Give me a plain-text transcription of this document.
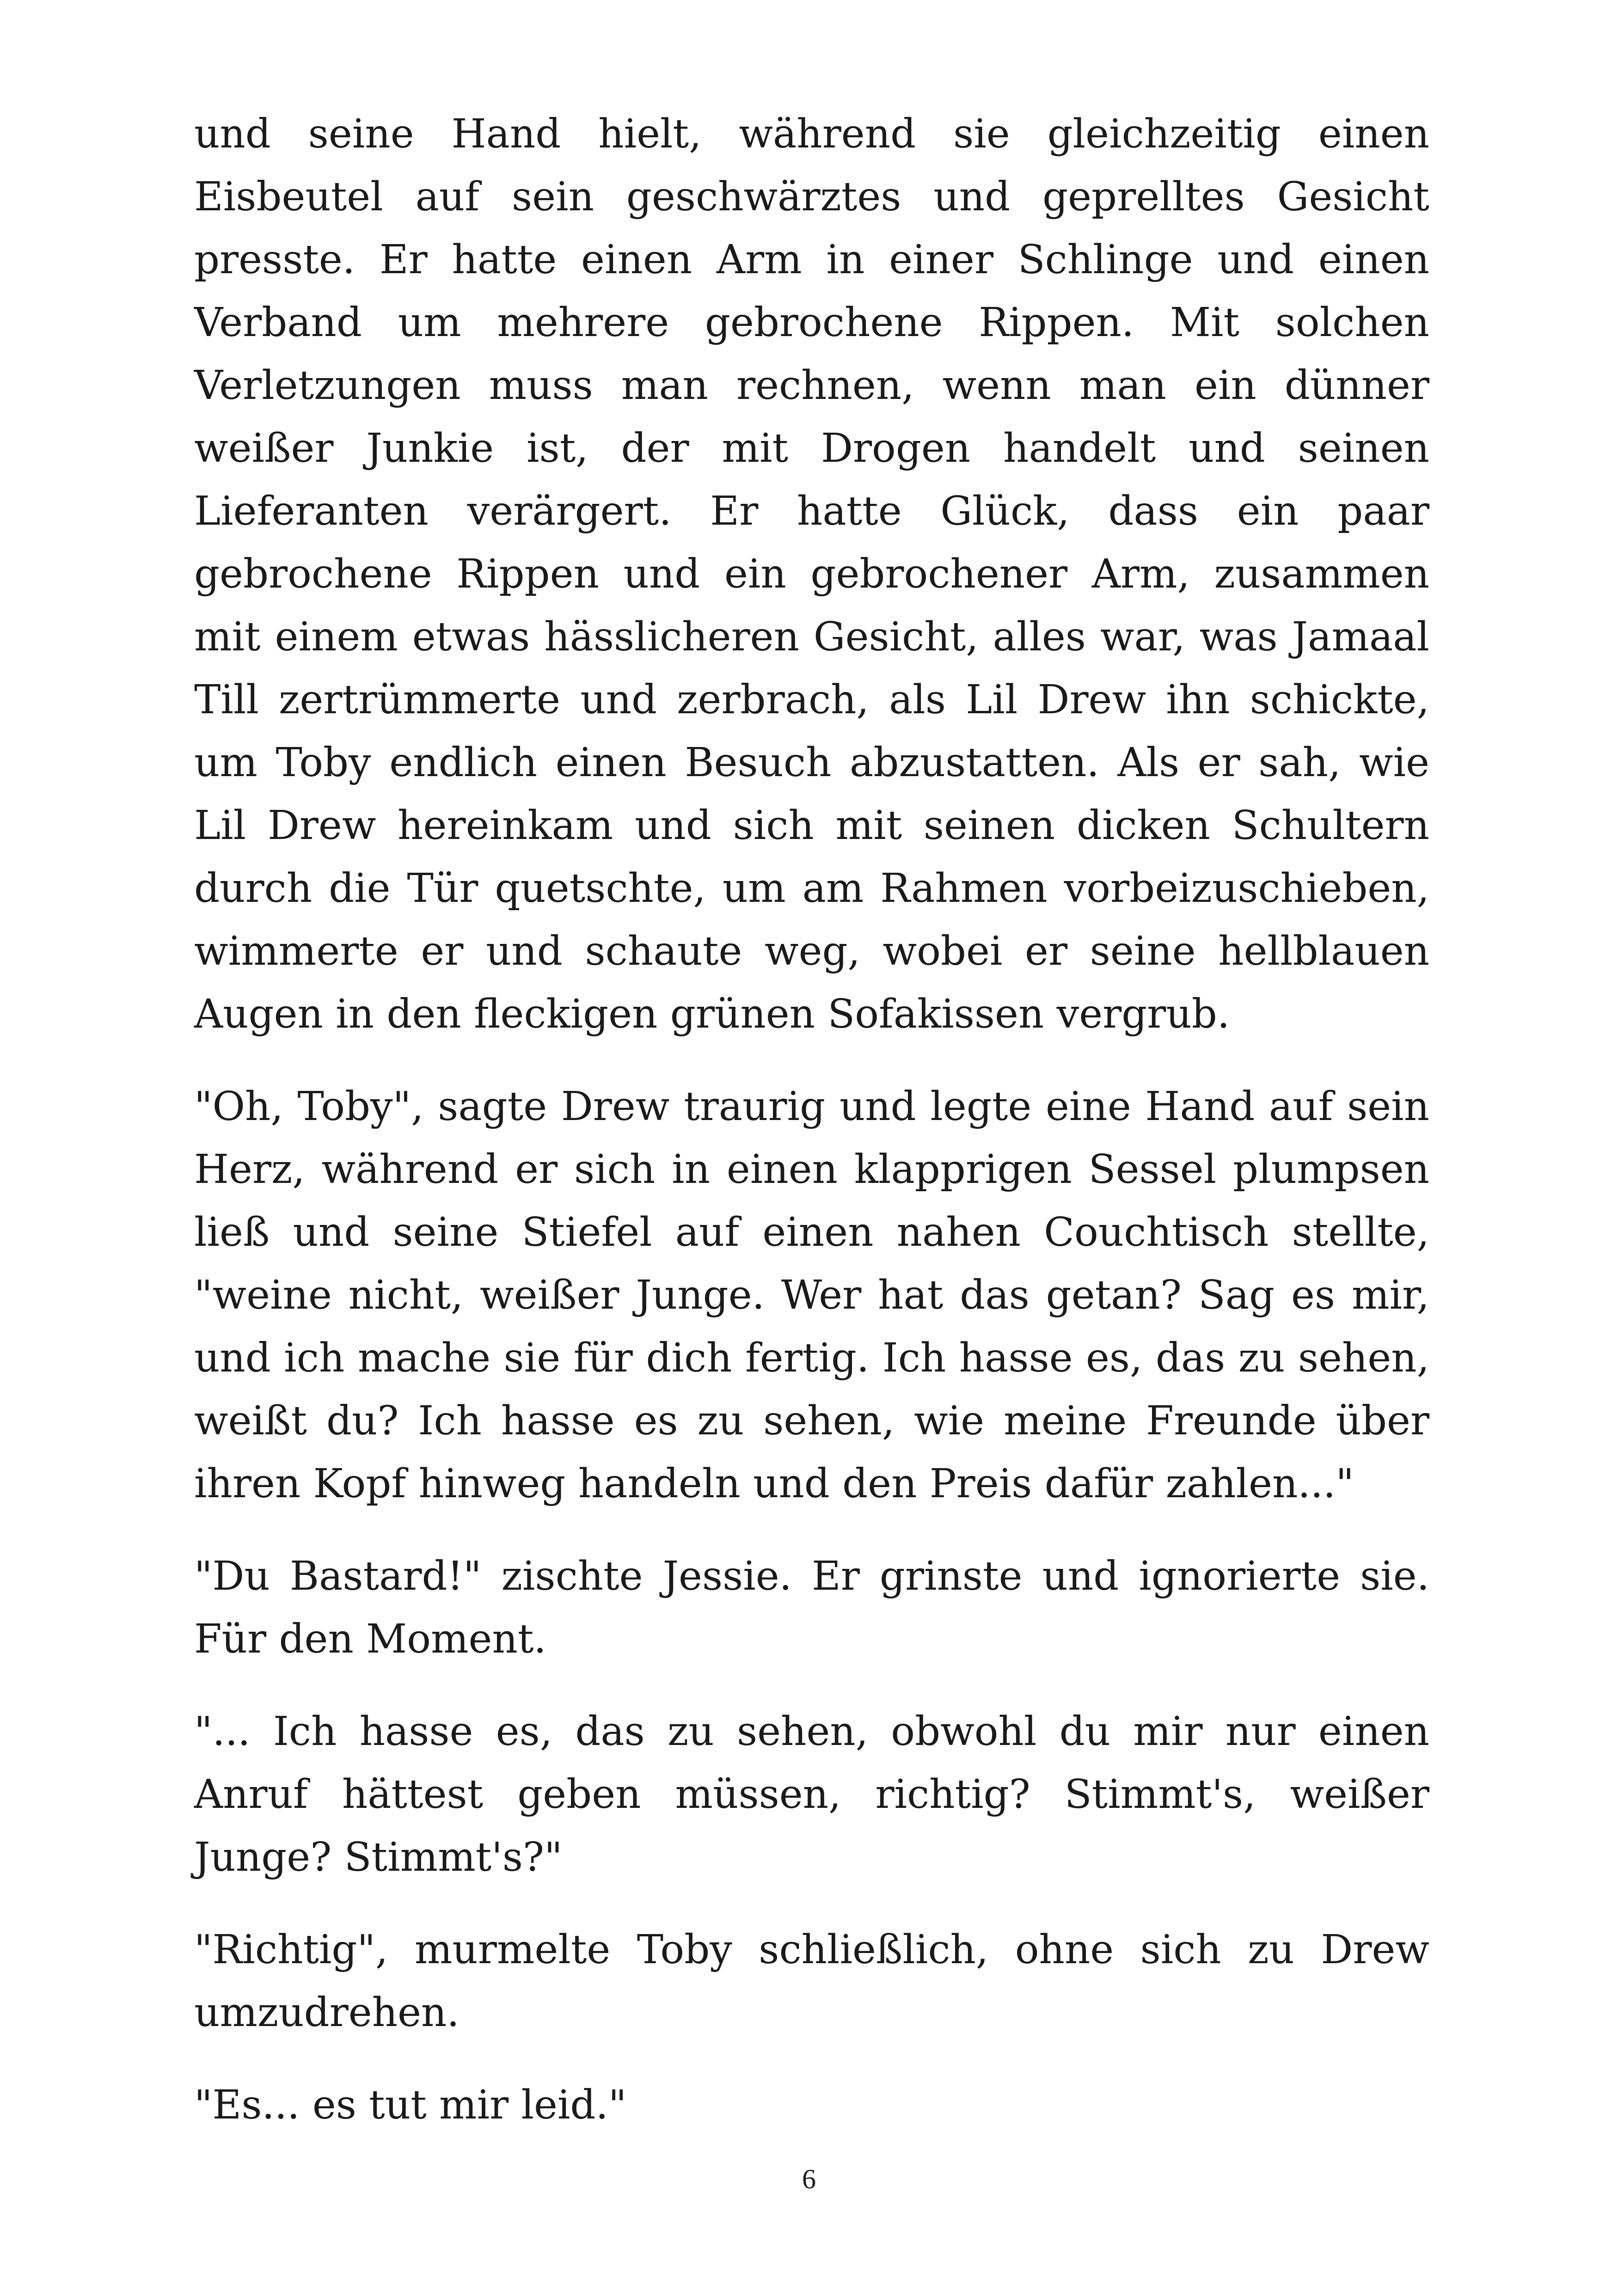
und seine Hand hielt, während sie gleichzeitig einen Eisbeutel auf sein geschwärztes und geprelltes Gesicht presste. Er hatte einen Arm in einer Schlinge und einen Verband um mehrere gebrochene Rippen. Mit solchen Verletzungen muss man rechnen, wenn man ein dünner weißer Junkie ist, der mit Drogen handelt und seinen Lieferanten verärgert. Er hatte Glück, dass ein paar gebrochene Rippen und ein gebrochener Arm, zusammen mit einem etwas hässlicheren Gesicht, alles war, was Jamaal Till zertrümmerte und zerbrach, als Lil Drew ihn schickte, um Toby endlich einen Besuch abzustatten. Als er sah, wie Lil Drew hereinkam und sich mit seinen dicken Schultern durch die Tür quetschte, um am Rahmen vorbeizuschieben, wimmerte er und schaute weg, wobei er seine hellblauen Augen in den fleckigen grünen Sofakissen vergrub.

"Oh, Toby", sagte Drew traurig und legte eine Hand auf sein Herz, während er sich in einen klapprigen Sessel plumpsen ließ und seine Stiefel auf einen nahen Couchtisch stellte, "weine nicht, weißer Junge. Wer hat das getan? Sag es mir, und ich mache sie für dich fertig. Ich hasse es, das zu sehen, weißt du? Ich hasse es zu sehen, wie meine Freunde über ihren Kopf hinweg handeln und den Preis dafür zahlen..."

"Du Bastard!" zischte Jessie. Er grinste und ignorierte sie. Für den Moment.

"... Ich hasse es, das zu sehen, obwohl du mir nur einen Anruf hättest geben müssen, richtig? Stimmt's, weißer Junge? Stimmt's?"

"Richtig", murmelte Toby schließlich, ohne sich zu Drew umzudrehen.

"Es... es tut mir leid."

6
